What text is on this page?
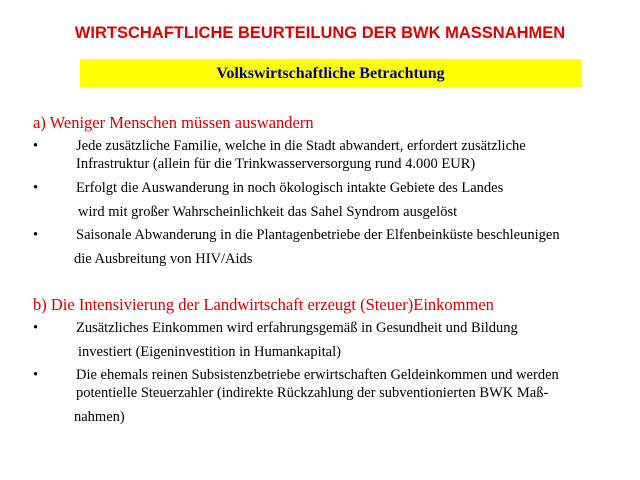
WIRTSCHAFTLICHE BEURTEILUNG DER BWK MASSNAHMEN
Volkswirtschaftliche Betrachtung
a) Weniger Menschen müssen auswandern
•	Jede zusätzliche Familie, welche in die Stadt abwandert, erfordert zusätzliche
Infrastruktur (allein für die Trinkwasserversorgung rund 4.000 EUR)
•	Erfolgt die Auswanderung in noch ökologisch intakte Gebiete des Landes
wird mit großer Wahrscheinlichkeit das Sahel Syndrom ausgelöst
•	Saisonale Abwanderung in die Plantagenbetriebe der Elfenbeinküste beschleunigen
die Ausbreitung von HIV/Aids
b) Die Intensivierung der Landwirtschaft erzeugt (Steuer)Einkommen
•	Zusätzliches Einkommen wird erfahrungsgemäß in Gesundheit und Bildung
investiert (Eigeninvestition in Humankapital)
•	Die ehemals reinen Subsistenzbetriebe erwirtschaften Geldeinkommen und werden
potentielle Steuerzahler (indirekte Rückzahlung der subventionierten BWK Maß-
nahmen)
